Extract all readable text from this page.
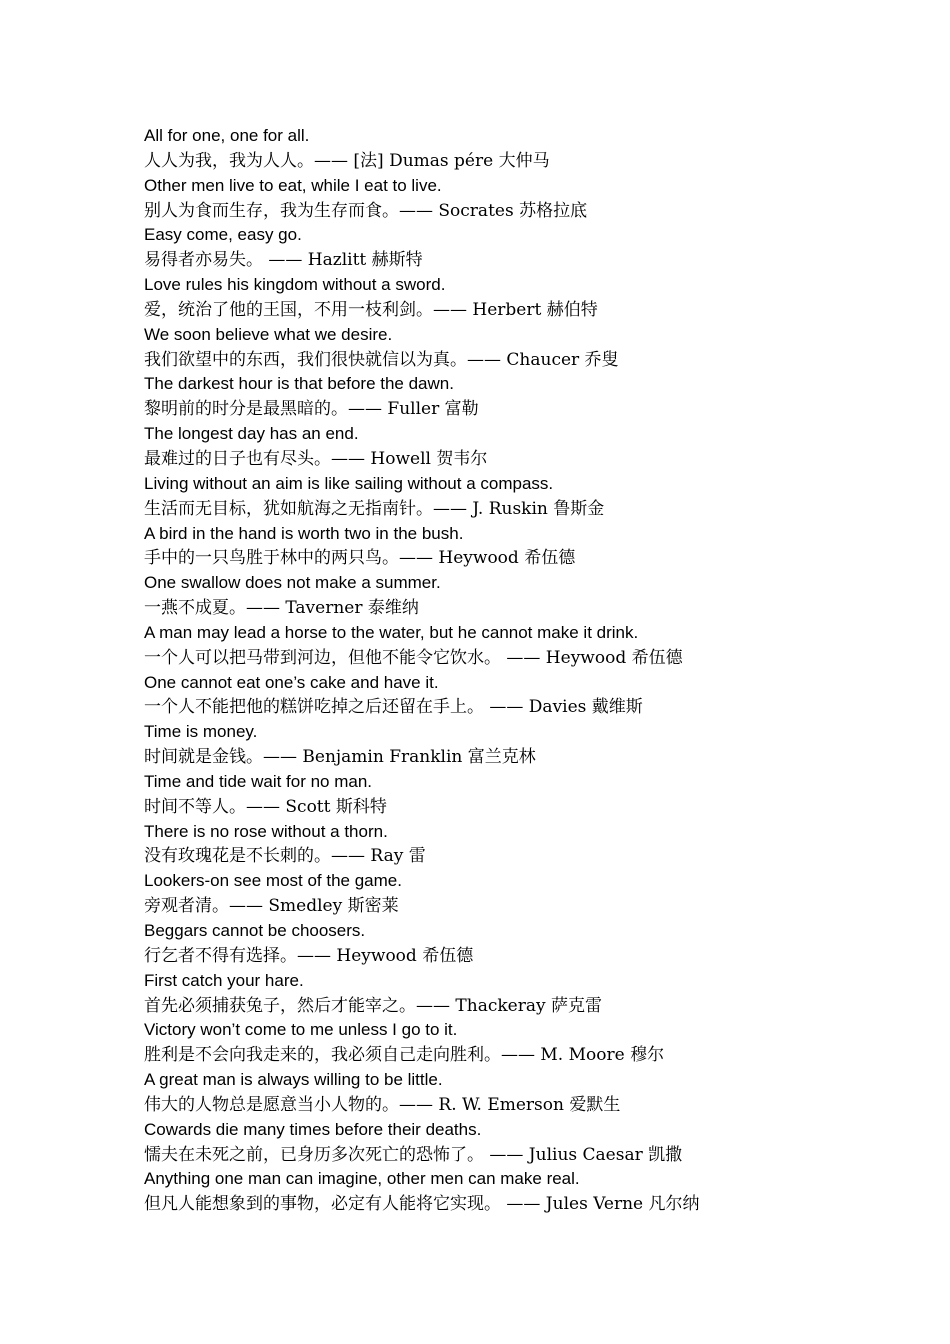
All for one, one for all.
人人为我，我为人人。—— [法] Dumas pére 大仲马
Other men live to eat, while I eat to live.
别人为食而生存，我为生存而食。—— Socrates 苏格拉底
Easy come, easy go.
易得者亦易失。 —— Hazlitt 赫斯特
Love rules his kingdom without a sword.
爱，统治了他的王国，不用一枝利剑。—— Herbert 赫伯特
We soon believe what we desire.
我们欲望中的东西，我们很快就信以为真。—— Chaucer 乔叟
The darkest hour is that before the dawn.
黎明前的时分是最黑暗的。—— Fuller 富勒
The longest day has an end.
最难过的日子也有尽头。—— Howell 贺韦尔
Living without an aim is like sailing without a compass.
生活而无目标，犹如航海之无指南针。—— J. Ruskin 鲁斯金
A bird in the hand is worth two in the bush.
手中的一只鸟胜于林中的两只鸟。—— Heywood 希伍德
One swallow does not make a summer.
一燕不成夏。—— Taverner 泰维纳
A man may lead a horse to the water, but he cannot make it drink.
一个人可以把马带到河边，但他不能令它饮水。 —— Heywood 希伍德
One cannot eat one’s cake and have it.
一个人不能把他的糕饼吃掉之后还留在手上。 —— Davies 戴维斯
Time is money.
时间就是金钱。—— Benjamin Franklin 富兰克林
Time and tide wait for no man.
时间不等人。—— Scott 斯科特
There is no rose without a thorn.
没有玫瑰花是不长刺的。—— Ray 雷
Lookers-on see most of the game.
旁观者清。—— Smedley 斯密莱
Beggars cannot be choosers.
行乞者不得有选择。—— Heywood 希伍德
First catch your hare.
首先必须捕获兔子，然后才能宰之。—— Thackeray 萨克雷
Victory won’t come to me unless I go to it.
胜利是不会向我走来的，我必须自己走向胜利。—— M. Moore 穆尔
A great man is always willing to be little.
伟大的人物总是愿意当小人物的。—— R. W. Emerson 爱默生
Cowards die many times before their deaths.
懦夫在未死之前，已身历多次死亡的恐怖了。 —— Julius Caesar 凯撒
Anything one man can imagine, other men can make real.
但凡人能想象到的事物，必定有人能将它实现。 —— Jules Verne 凡尔纳
